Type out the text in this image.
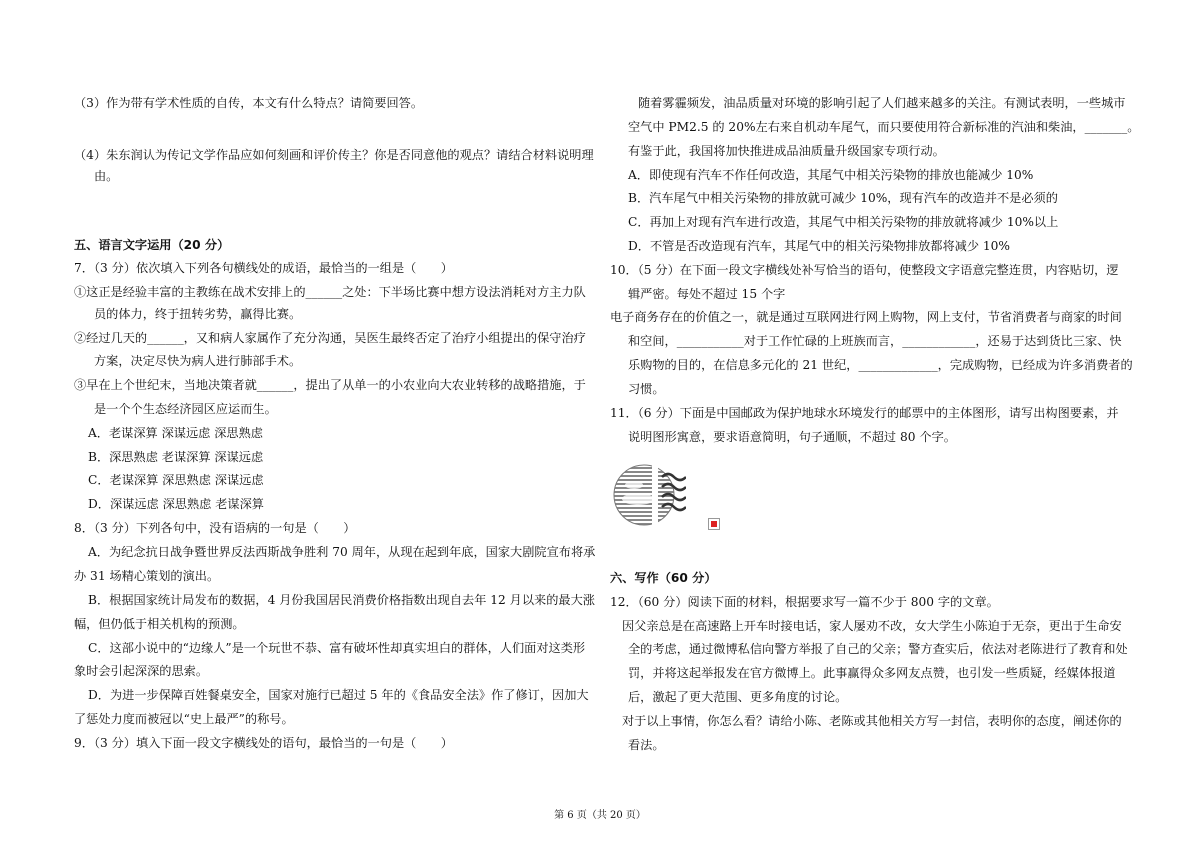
（3）作为带有学术性质的自传，本文有什么特点？请简要回答。
（4）朱东润认为传记文学作品应如何刻画和评价传主？你是否同意他的观点？请结合材料说明理
由。
五、语言文字运用（20 分）
7．（3 分）依次填入下列各句横线处的成语，最恰当的一组是（　　）
①这正是经验丰富的主教练在战术安排上的______之处：下半场比赛中想方设法消耗对方主力队
员的体力，终于扭转劣势，赢得比赛。
②经过几天的______，又和病人家属作了充分沟通，吴医生最终否定了治疗小组提出的保守治疗
方案，决定尽快为病人进行肺部手术。
③早在上个世纪末，当地决策者就______，提出了从单一的小农业向大农业转移的战略措施，于
是一个个生态经济园区应运而生。
A．老谋深算 深谋远虑 深思熟虑
B．深思熟虑 老谋深算 深谋远虑
C．老谋深算 深思熟虑 深谋远虑
D．深谋远虑 深思熟虑 老谋深算
8．（3 分）下列各句中，没有语病的一句是（　　）
A．为纪念抗日战争暨世界反法西斯战争胜利 70 周年，从现在起到年底，国家大剧院宣布将承
办 31 场精心策划的演出。
B．根据国家统计局发布的数据，4 月份我国居民消费价格指数出现自去年 12 月以来的最大涨
幅，但仍低于相关机构的预测。
C．这部小说中的“边缘人”是一个玩世不恭、富有破坏性却真实坦白的群体，人们面对这类形
象时会引起深深的思索。
D．为进一步保障百姓餐桌安全，国家对施行已超过 5 年的《食品安全法》作了修订，因加大
了惩处力度而被冠以“史上最严”的称号。
9．（3 分）填入下面一段文字横线处的语句，最恰当的一句是（　　）
随着雾霾频发，油品质量对环境的影响引起了人们越来越多的关注。有测试表明，一些城市
空气中 PM2.5 的 20%左右来自机动车尾气，而只要使用符合新标准的汽油和柴油，_______。
有鉴于此，我国将加快推进成品油质量升级国家专项行动。
A．即使现有汽车不作任何改造，其尾气中相关污染物的排放也能减少 10%
B．汽车尾气中相关污染物的排放就可减少 10%，现有汽车的改造并不是必须的
C．再加上对现有汽车进行改造，其尾气中相关污染物的排放就将减少 10%以上
D．不管是否改造现有汽车，其尾气中的相关污染物排放都将减少 10%
10．（5 分）在下面一段文字横线处补写恰当的语句，使整段文字语意完整连贯，内容贴切，逻
辑严密。每处不超过 15 个字
电子商务存在的价值之一，就是通过互联网进行网上购物，网上支付，节省消费者与商家的时间
和空间，___________对于工作忙碌的上班族而言，____________，还易于达到货比三家、快
乐购物的目的，在信息多元化的 21 世纪，_____________，完成购物，已经成为许多消费者的
习惯。
11．（6 分）下面是中国邮政为保护地球水环境发行的邮票中的主体图形，请写出构图要素，并
说明图形寓意，要求语意简明，句子通顺，不超过 80 个字。
六、写作（60 分）
12．（60 分）阅读下面的材料，根据要求写一篇不少于 800 字的文章。
因父亲总是在高速路上开车时接电话，家人屡劝不改，女大学生小陈迫于无奈，更出于生命安
全的考虑，通过微博私信向警方举报了自己的父亲；警方查实后，依法对老陈进行了教育和处
罚，并将这起举报发在官方微博上。此事赢得众多网友点赞，也引发一些质疑，经媒体报道
后，激起了更大范围、更多角度的讨论。
对于以上事情，你怎么看？请给小陈、老陈或其他相关方写一封信，表明你的态度，阐述你的
看法。
第 6 页（共 20 页）
